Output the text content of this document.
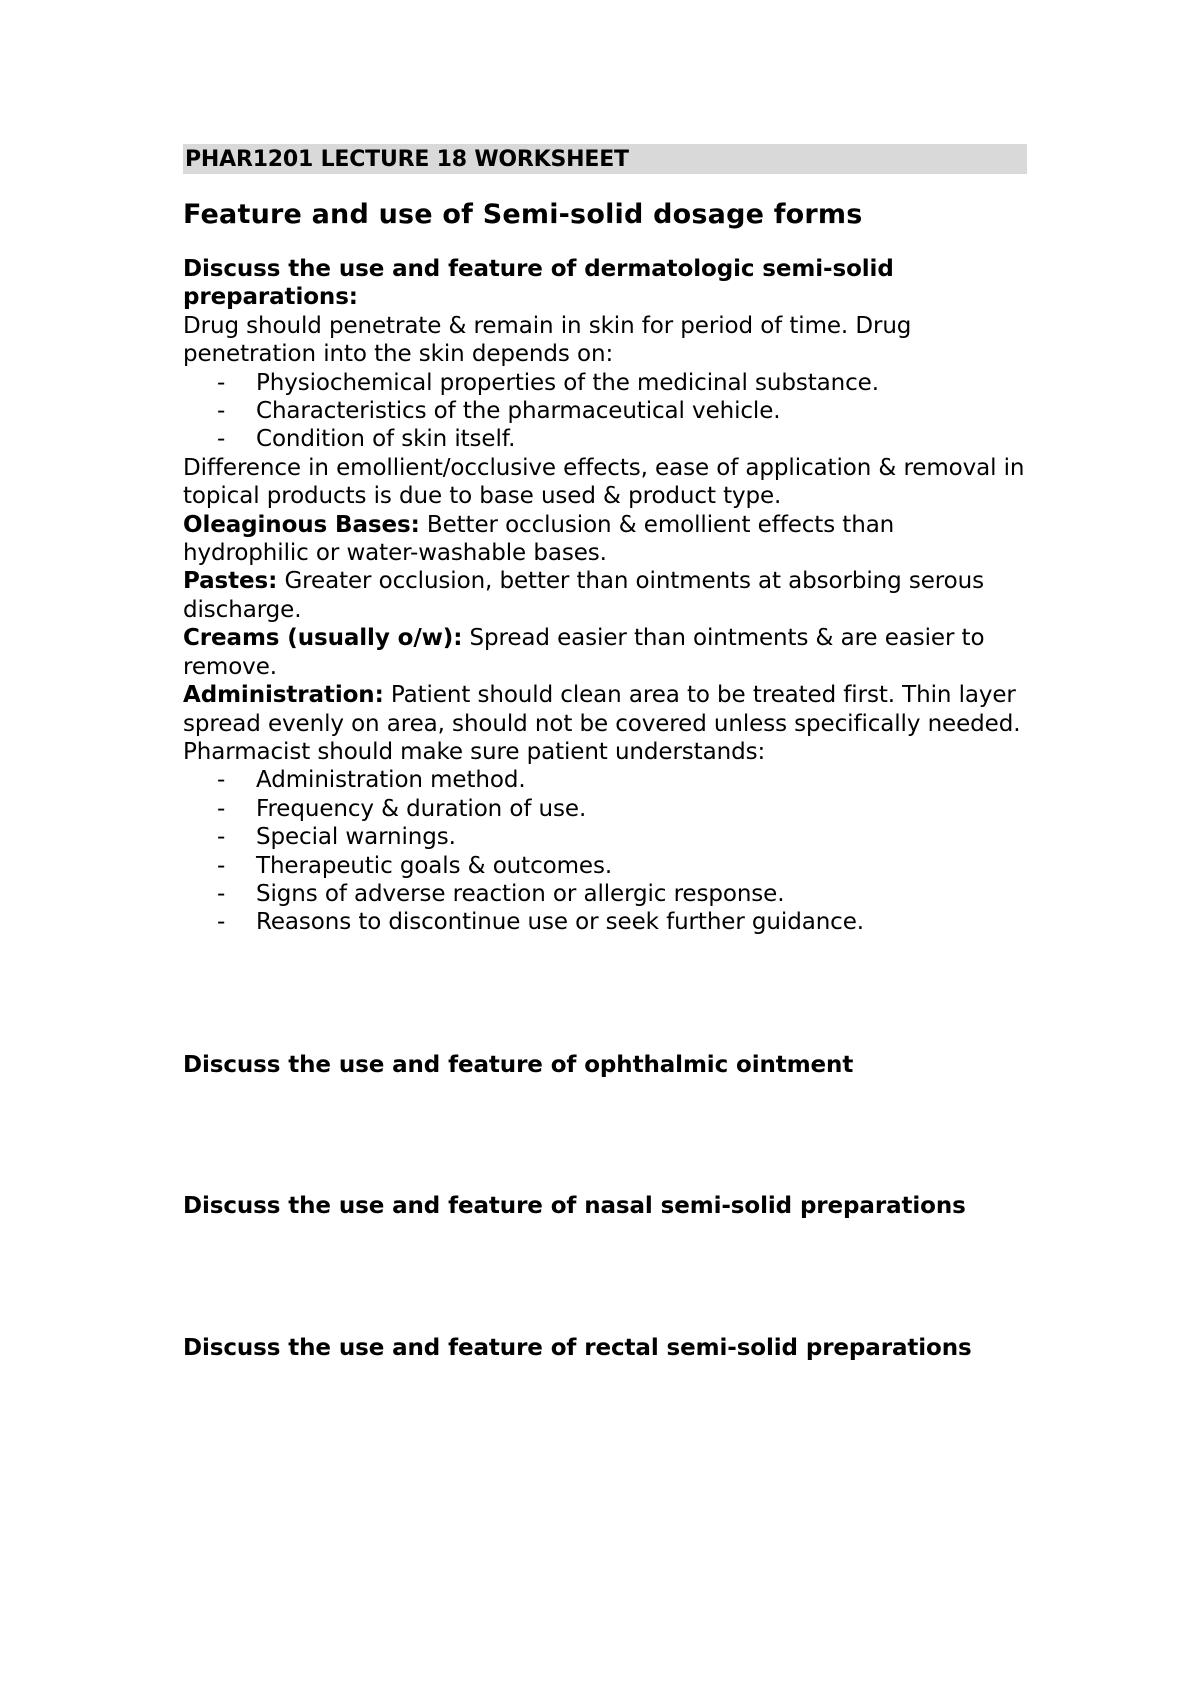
PHAR1201 LECTURE 18 WORKSHEET
Feature and use of Semi-solid dosage forms

Discuss the use and feature of dermatologic semi-solid preparations:

Drug should penetrate & remain in skin for period of time. Drug penetration into the skin depends on:

- Physiochemical properties of the medicinal substance.
- Characteristics of the pharmaceutical vehicle.
- Condition of skin itself.

Difference in emollient/occlusive effects, ease of application & removal in topical products is due to base used & product type.

Oleaginous Bases: Better occlusion & emollient effects than hydrophilic or water-washable bases.

Pastes: Greater occlusion, better than ointments at absorbing serous discharge.

Creams (usually o/w): Spread easier than ointments & are easier to remove.

Administration: Patient should clean area to be treated first. Thin layer spread evenly on area, should not be covered unless specifically needed.

Pharmacist should make sure patient understands:

- Administration method.
- Frequency & duration of use.
- Special warnings.
- Therapeutic goals & outcomes.
- Signs of adverse reaction or allergic response.
- Reasons to discontinue use or seek further guidance.
Discuss the use and feature of ophthalmic ointment
Discuss the use and feature of nasal semi-solid preparations
Discuss the use and feature of rectal semi-solid preparations
